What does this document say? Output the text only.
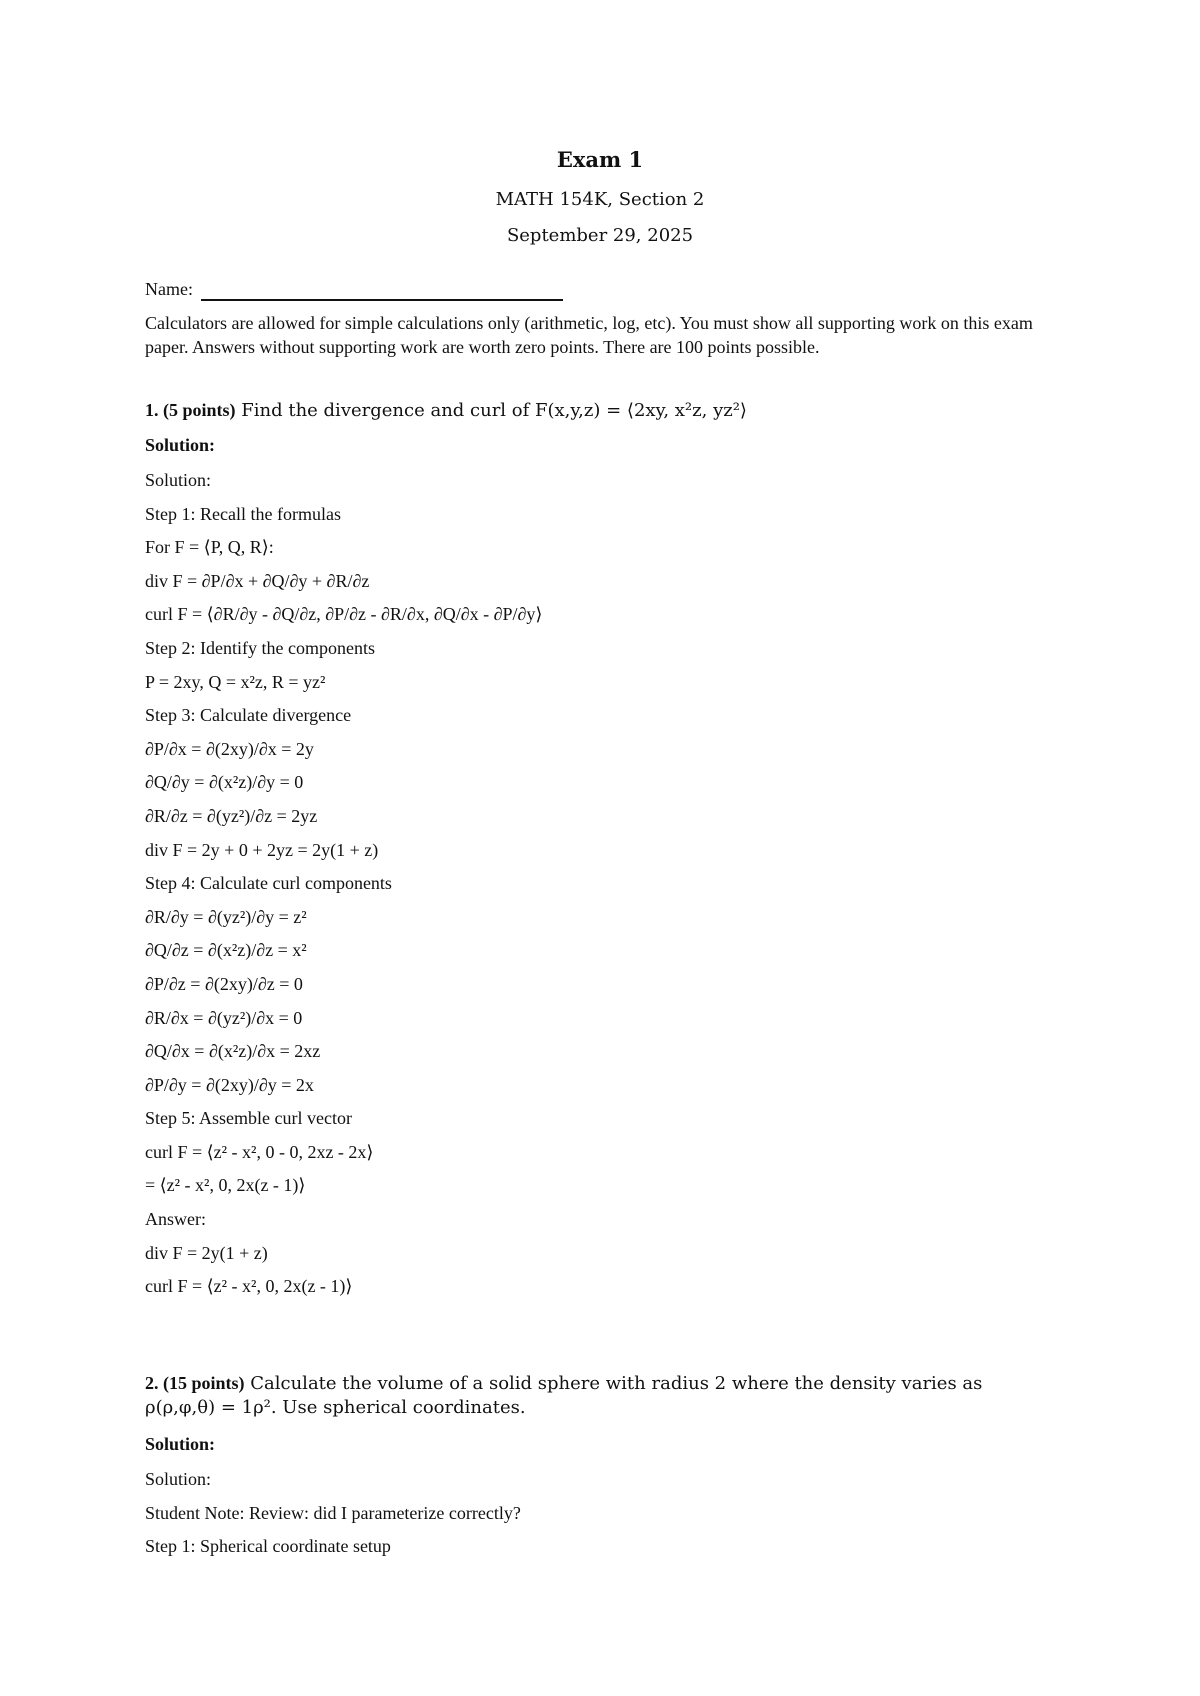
Exam 1
MATH 154K, Section 2
September 29, 2025
Name:
Calculators are allowed for simple calculations only (arithmetic, log, etc). You must show all supporting work on this exam paper. Answers without supporting work are worth zero points. There are 100 points possible.
1. (5 points) Find the divergence and curl of F(x,y,z) = ⟨2xy, x²z, yz²⟩
Solution:
Solution:
Step 1: Recall the formulas
For F = ⟨P, Q, R⟩:
div F = ∂P/∂x + ∂Q/∂y + ∂R/∂z
curl F = ⟨∂R/∂y - ∂Q/∂z, ∂P/∂z - ∂R/∂x, ∂Q/∂x - ∂P/∂y⟩
Step 2: Identify the components
P = 2xy, Q = x²z, R = yz²
Step 3: Calculate divergence
∂P/∂x = ∂(2xy)/∂x = 2y
∂Q/∂y = ∂(x²z)/∂y = 0
∂R/∂z = ∂(yz²)/∂z = 2yz
div F = 2y + 0 + 2yz = 2y(1 + z)
Step 4: Calculate curl components
∂R/∂y = ∂(yz²)/∂y = z²
∂Q/∂z = ∂(x²z)/∂z = x²
∂P/∂z = ∂(2xy)/∂z = 0
∂R/∂x = ∂(yz²)/∂x = 0
∂Q/∂x = ∂(x²z)/∂x = 2xz
∂P/∂y = ∂(2xy)/∂y = 2x
Step 5: Assemble curl vector
curl F = ⟨z² - x², 0 - 0, 2xz - 2x⟩
= ⟨z² - x², 0, 2x(z - 1)⟩
Answer:
div F = 2y(1 + z)
curl F = ⟨z² - x², 0, 2x(z - 1)⟩
2. (15 points) Calculate the volume of a solid sphere with radius 2 where the density varies as ρ(ρ,φ,θ) = 1ρ². Use spherical coordinates.
Solution:
Solution:
Student Note: Review: did I parameterize correctly?
Step 1: Spherical coordinate setup
